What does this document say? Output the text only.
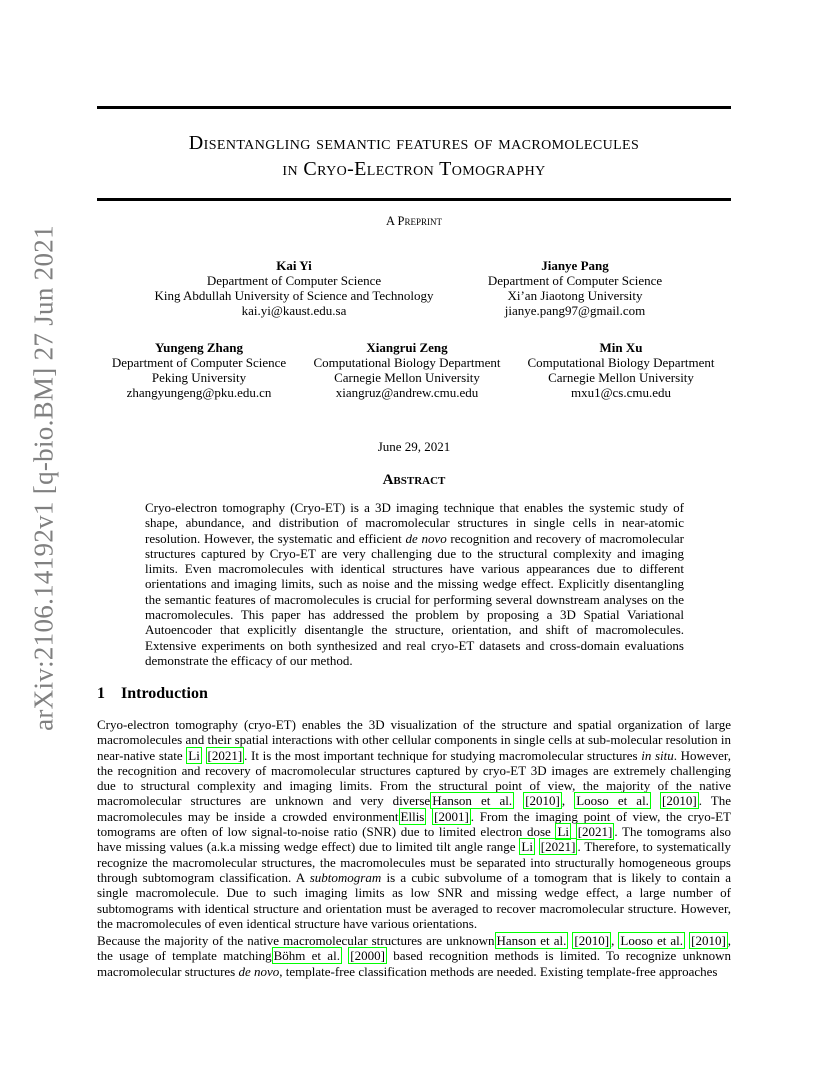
Disentangling semantic features of macromolecules
in Cryo-Electron Tomography
A Preprint
Kai Yi
Department of Computer Science
King Abdullah University of Science and Technology
kai.yi@kaust.edu.sa
Jianye Pang
Department of Computer Science
Xi’an Jiaotong University
jianye.pang97@gmail.com
Yungeng Zhang
Department of Computer Science
Peking University
zhangyungeng@pku.edu.cn
Xiangrui Zeng
Computational Biology Department
Carnegie Mellon University
xiangruz@andrew.cmu.edu
Min Xu
Computational Biology Department
Carnegie Mellon University
mxu1@cs.cmu.edu
arXiv:2106.14192v1 [q-bio.BM] 27 Jun 2021	June 29, 2021
Abstract

Cryo-electron tomography (Cryo-ET) is a 3D imaging technique that enables the systemic study of shape, abundance, and distribution of macromolecular structures in single cells in near-atomic resolution. However, the systematic and efficient de novo recognition and recovery of macromolecular structures captured by Cryo-ET are very challenging due to the structural complexity and imaging limits. Even macromolecules with identical structures have various appearances due to different orientations and imaging limits, such as noise and the missing wedge effect. Explicitly disentangling the semantic features of macromolecules is crucial for performing several downstream analyses on the macromolecules. This paper has addressed the problem by proposing a 3D Spatial Variational Autoencoder that explicitly disentangle the structure, orientation, and shift of macromolecules. Extensive experiments on both synthesized and real cryo-ET datasets and cross-domain evaluations demonstrate the efficacy of our method.

1 Introduction

Cryo-electron tomography (cryo-ET) enables the 3D visualization of the structure and spatial organization of large macromolecules and their spatial interactions with other cellular components in single cells at sub-molecular resolution in near-native state Li [2021] . It is the most important technique for studying macromolecular structures in situ. However, the recognition and recovery of macromolecular structures captured by cryo-ET 3D images are extremely challenging due to structural complexity and imaging limits. From the structural point of view, the majority of the native macromolecular structures are unknown and very diverse Hanson et al. [2010] , Looso et al. [2010] . The macromolecules may be inside a crowded environment Ellis [2001] . From the imaging point of view, the cryo-ET tomograms are often of low signal-to-noise ratio (SNR) due to limited electron dose Li [2021] . The tomograms also have missing values (a.k.a missing wedge effect) due to limited tilt angle range Li [2021] . Therefore, to systematically recognize the macromolecular structures, the macromolecules must be separated into structurally homogeneous groups through subtomogram classification. A subtomogram is a cubic subvolume of a tomogram that is likely to contain a single macromolecule. Due to such imaging limits as low SNR and missing wedge effect, a large number of subtomograms with identical structure and orientation must be averaged to recover macromolecular structure. However, the macromolecules of even identical structure have various orientations.

Because the majority of the native macromolecular structures are unknown Hanson et al. [2010] , Looso et al. [2010] , the usage of template matching Böhm et al. [2000] based recognition methods is limited. To recognize unknown macromolecular structures de novo, template-free classification methods are needed. Existing template-free approaches
